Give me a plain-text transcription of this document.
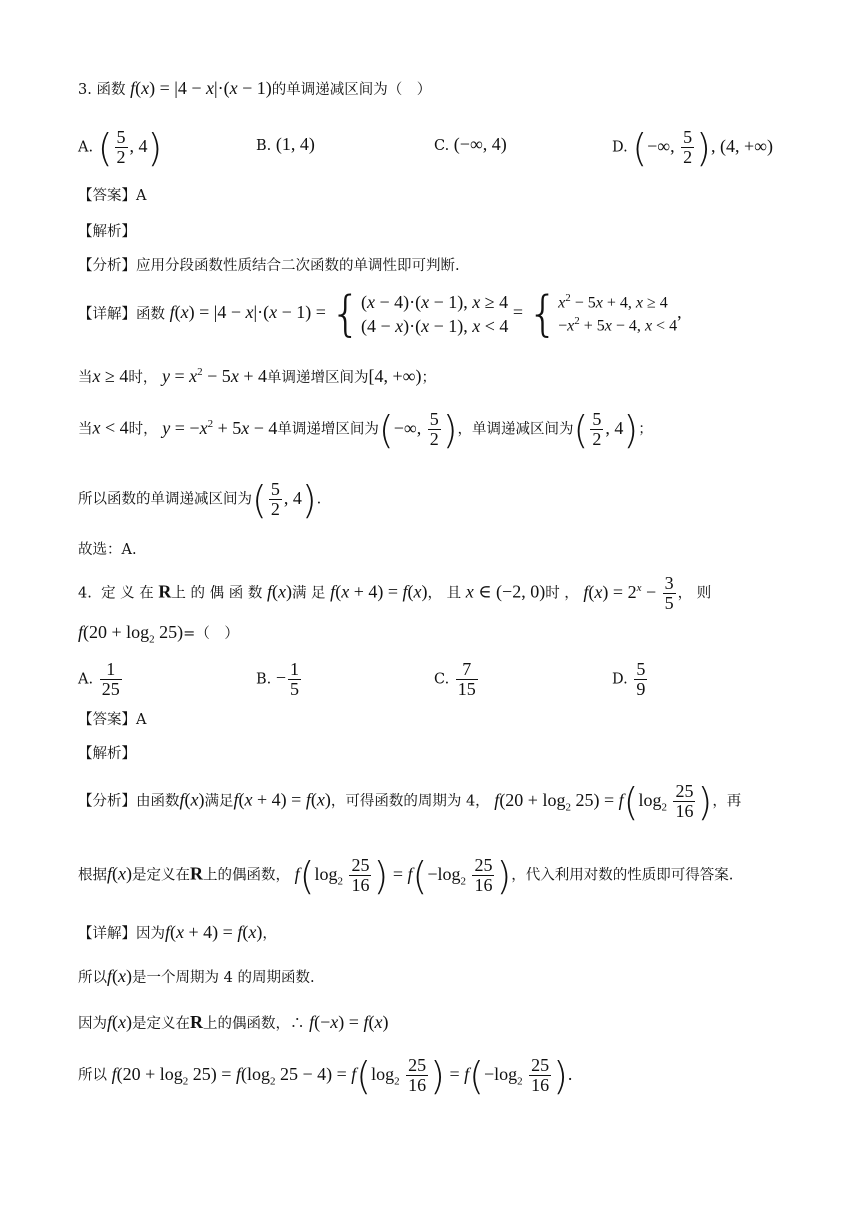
3. 函数 f(x) = |4 − x|·(x − 1)的单调递减区间为（　）
A. ( $\frac{5}{2}$ , 4)	B. (1, 4)	C. (−∞, 4)	D. (−∞, $\frac{5}{2}$ ), (4, +∞)
【答案】A
【解析】
【分析】应用分段函数性质结合二次函数的单调性即可判断.
【详解】函数 f(x) = |4 − x|·(x − 1) = { (x − 4)·(x − 1), x ≥ 4
(4 − x)·(x − 1), x < 4
= { $x^2 - 5x + 4$, x ≥ 4
$-x^2 + 5x - 4$, x < 4
,
当x ≥ 4时， $y = x^2 - 5x + 4$单调递增区间为[4, +∞)；
当x < 4时， $y = -x^2 + 5x - 4$单调递增区间为(−∞, $\frac{5}{2}$ )，单调递减区间为( $\frac{5}{2}$ , 4)；
所以函数的单调递减区间为( $\frac{5}{2}$ , 4).
故选：A.
4. 定 义 在 R上 的 偶 函 数 f(x)满 足 f(x + 4) = f(x)， 且 x ∈ (−2, 0)时 ， $f(x) = 2^x - \frac{3}{5}$ ， 则
$f(20 + \log_2 25)=$（　）
A. $\frac{1}{25}$	B. − $\frac{1}{5}$	C. $\frac{7}{15}$	D. $\frac{5}{9}$
【答案】A
【解析】
【分析】由函数f(x)满足f(x + 4) = f(x)，可得函数的周期为 4， $f(20 + \log_2 25) = f(\log_2 \frac{25}{16}$ )，再
根据f(x)是定义在R上的偶函数， $f(\log_2 \frac{25}{16}$ ) = $f(-\log_2 \frac{25}{16}$ )，代入利用对数的性质即可得答案.
【详解】因为f(x + 4) = f(x)，
所以f(x)是一个周期为 4 的周期函数.
因为f(x)是定义在R上的偶函数，∴ f(−x) = f(x)
所以 $f(20 + \log_2 25) = f(\log_2$ $25 - 4) = f(\log_2 \frac{25}{16}$ ) = $f(-\log_2 \frac{25}{16}$ ).
